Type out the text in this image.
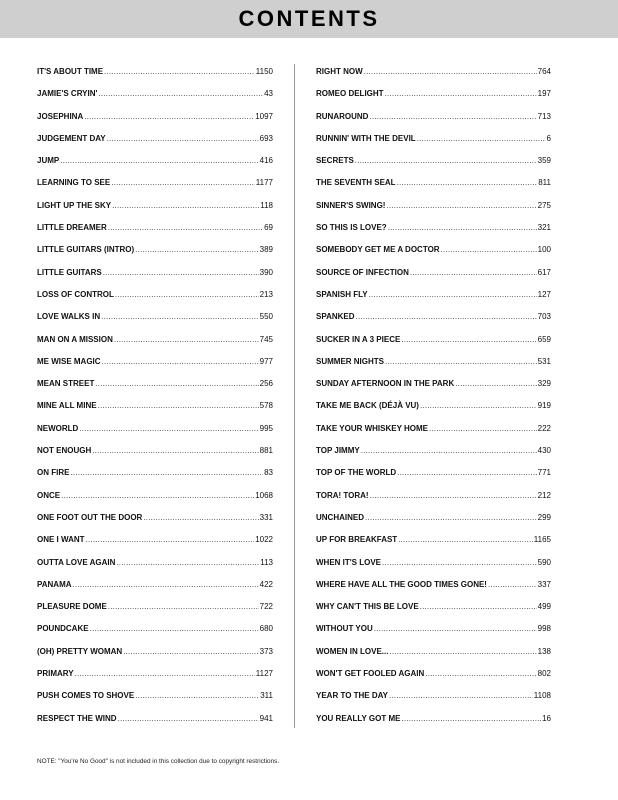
CONTENTS
IT'S ABOUT TIME .....	1150
JAMIE'S CRYIN' .....	43
JOSEPHINA .....	1097
JUDGEMENT DAY .....	693
JUMP .....	416
LEARNING TO SEE .....	1177
LIGHT UP THE SKY .....	118
LITTLE DREAMER .....	69
LITTLE GUITARS (INTRO) .....	389
LITTLE GUITARS .....	390
LOSS OF CONTROL .....	213
LOVE WALKS IN .....	550
MAN ON A MISSION .....	745
ME WISE MAGIC .....	977
MEAN STREET .....	256
MINE ALL MINE .....	578
NEWORLD .....	995
NOT ENOUGH .....	881
ON FIRE .....	83
ONCE .....	1068
ONE FOOT OUT THE DOOR .....	331
ONE I WANT .....	1022
OUTTA LOVE AGAIN .....	113
PANAMA .....	422
PLEASURE DOME .....	722
POUNDCAKE .....	680
(OH) PRETTY WOMAN .....	373
PRIMARY .....	1127
PUSH COMES TO SHOVE .....	311
RESPECT THE WIND .....	941
RIGHT NOW .....	764
ROMEO DELIGHT .....	197
RUNAROUND .....	713
RUNNIN' WITH THE DEVIL .....	6
SECRETS .....	359
THE SEVENTH SEAL .....	811
SINNER'S SWING! .....	275
SO THIS IS LOVE? .....	321
SOMEBODY GET ME A DOCTOR .....	100
SOURCE OF INFECTION .....	617
SPANISH FLY .....	127
SPANKED .....	703
SUCKER IN A 3 PIECE .....	659
SUMMER NIGHTS .....	531
SUNDAY AFTERNOON IN THE PARK .....	329
TAKE ME BACK (DÉJÀ VU) .....	919
TAKE YOUR WHISKEY HOME .....	222
TOP JIMMY .....	430
TOP OF THE WORLD .....	771
TORA! TORA! .....	212
UNCHAINED .....	299
UP FOR BREAKFAST .....	1165
WHEN IT'S LOVE .....	590
WHERE HAVE ALL THE GOOD TIMES GONE! .....	337
WHY CAN'T THIS BE LOVE .....	499
WITHOUT YOU .....	998
WOMEN IN LOVE... .....	138
WON'T GET FOOLED AGAIN .....	802
YEAR TO THE DAY .....	1108
YOU REALLY GOT ME .....	16
NOTE: "You're No Good" is not included in this collection due to copyright restrictions.
